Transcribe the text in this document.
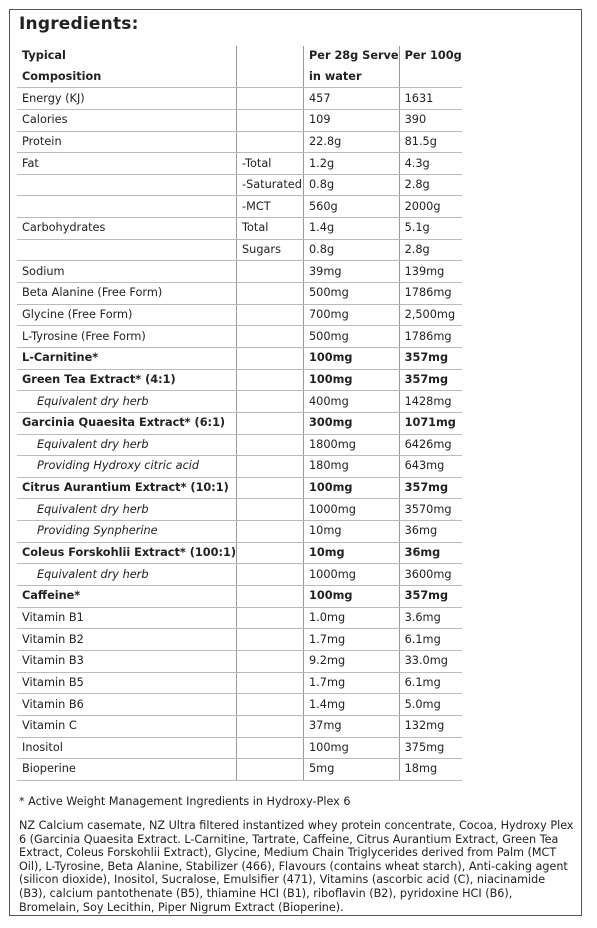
Ingredients:
Typical		Per 28g Serve	Per 100g
Composition		in water	
Energy (KJ)		457	1631
Calories		109	390
Protein		22.8g	81.5g
Fat	-Total	1.2g	4.3g
	-Saturated	0.8g	2.8g
	-MCT	560g	2000g
Carbohydrates	Total	1.4g	5.1g
	Sugars	0.8g	2.8g
Sodium		39mg	139mg
Beta Alanine (Free Form)		500mg	1786mg
Glycine (Free Form)		700mg	2,500mg
L-Tyrosine (Free Form)		500mg	1786mg
L-Carnitine*		100mg	357mg
Green Tea Extract* (4:1)		100mg	357mg
Equivalent dry herb		400mg	1428mg
Garcinia Quaesita Extract* (6:1)		300mg	1071mg
Equivalent dry herb		1800mg	6426mg
Providing Hydroxy citric acid		180mg	643mg
Citrus Aurantium Extract* (10:1)		100mg	357mg
Equivalent dry herb		1000mg	3570mg
Providing Synpherine		10mg	36mg
Coleus Forskohlii Extract* (100:1)		10mg	36mg
Equivalent dry herb		1000mg	3600mg
Caffeine*		100mg	357mg
Vitamin B1		1.0mg	3.6mg
Vitamin B2		1.7mg	6.1mg
Vitamin B3		9.2mg	33.0mg
Vitamin B5		1.7mg	6.1mg
Vitamin B6		1.4mg	5.0mg
Vitamin C		37mg	132mg
Inositol		100mg	375mg
Bioperine		5mg	18mg
* Active Weight Management Ingredients in Hydroxy-Plex 6
NZ Calcium casemate, NZ Ultra filtered instantized whey protein concentrate, Cocoa, Hydroxy Plex 6 (Garcinia Quaesita Extract. L-Carnitine, Tartrate, Caffeine, Citrus Aurantium Extract, Green Tea Extract, Coleus Forskohlii Extract), Glycine, Medium Chain Triglycerides derived from Palm (MCT Oil), L-Tyrosine, Beta Alanine, Stabilizer (466), Flavours (contains wheat starch), Anti-caking agent (silicon dioxide), Inositol, Sucralose, Emulsifier (471), Vitamins (ascorbic acid (C), niacinamide (B3), calcium pantothenate (B5), thiamine HCI (B1), riboflavin (B2), pyridoxine HCI (B6), Bromelain, Soy Lecithin, Piper Nigrum Extract (Bioperine).
